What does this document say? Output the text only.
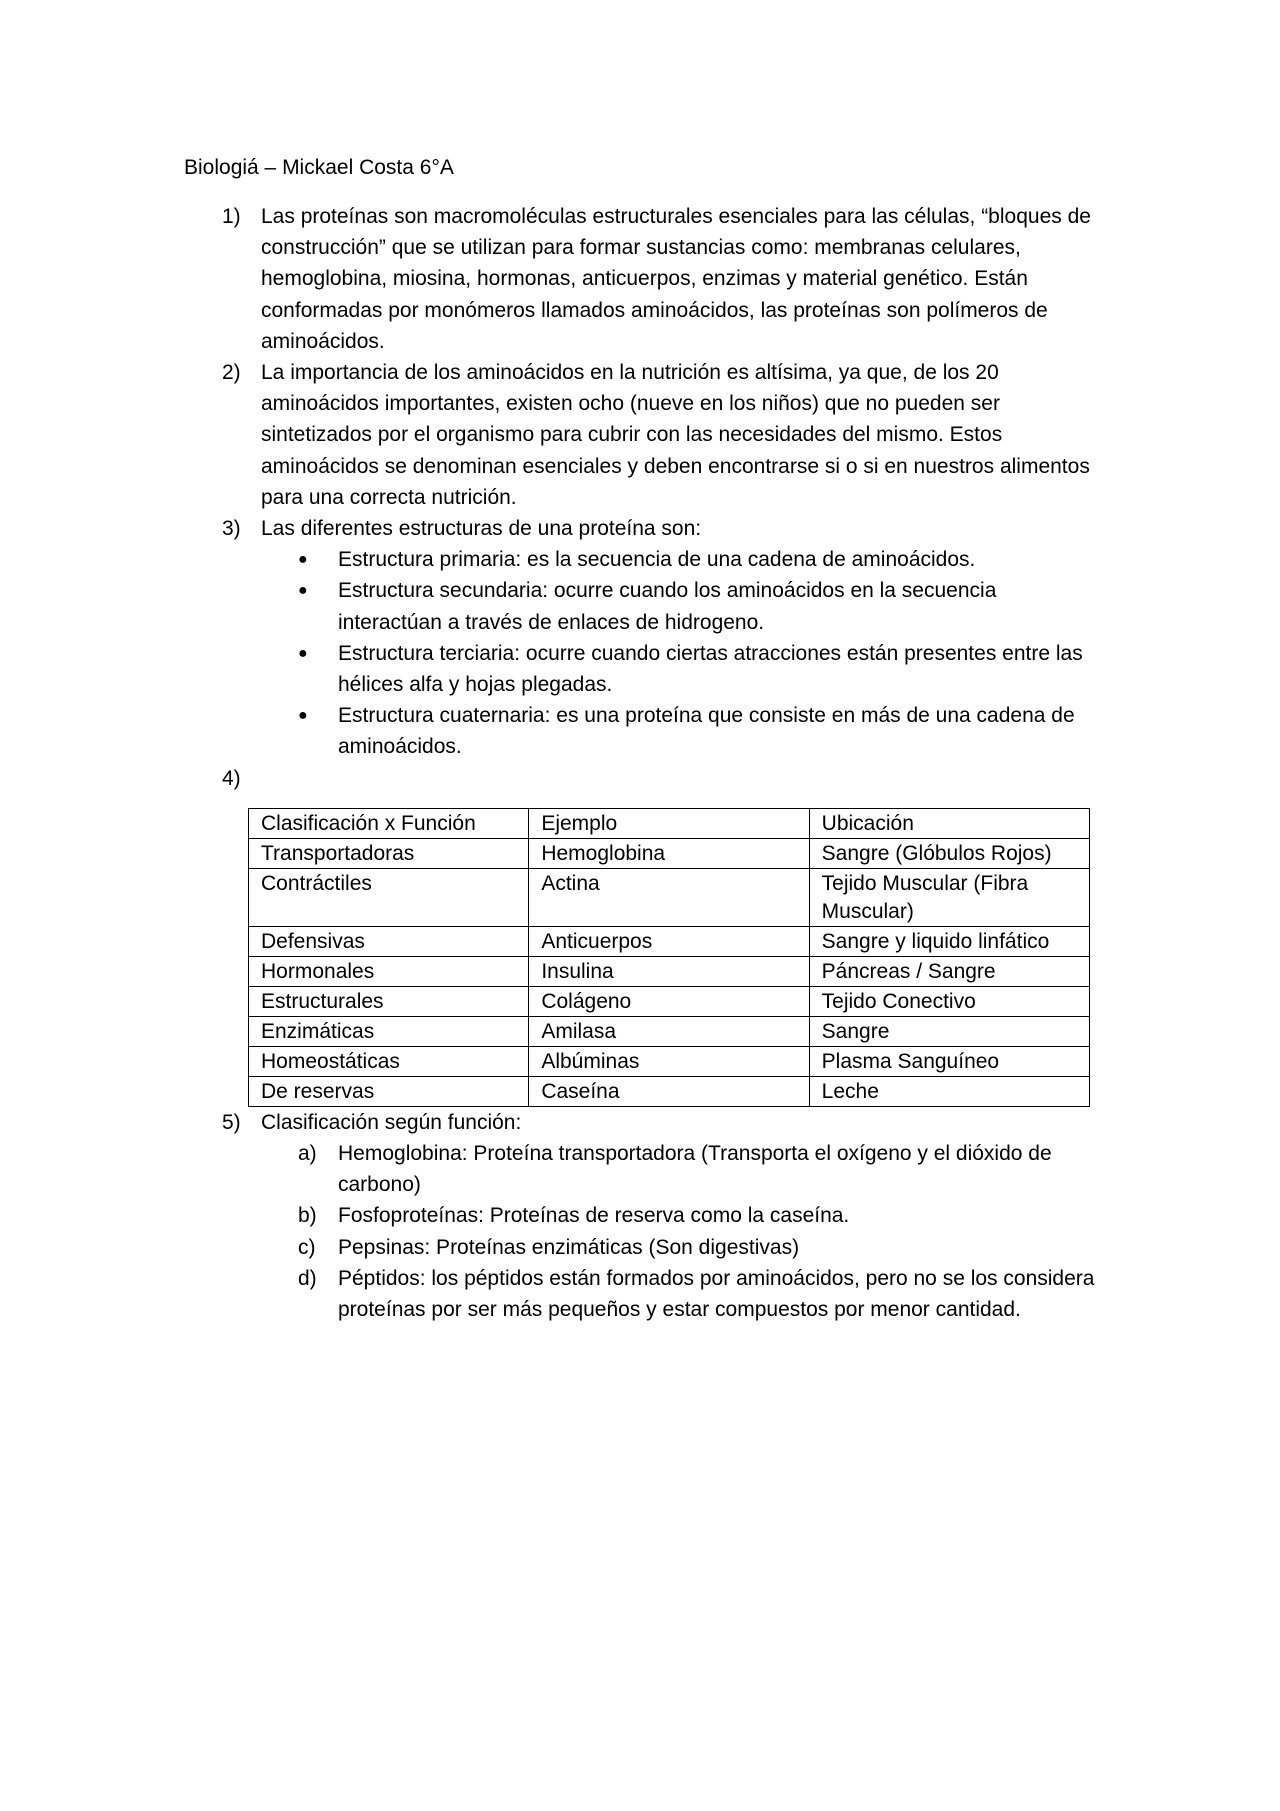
Biologiá – Mickael Costa 6°A
1) Las proteínas son macromoléculas estructurales esenciales para las células, “bloques de construcción” que se utilizan para formar sustancias como: membranas celulares, hemoglobina, miosina, hormonas, anticuerpos, enzimas y material genético. Están conformadas por monómeros llamados aminoácidos, las proteínas son polímeros de aminoácidos.
2) La importancia de los aminoácidos en la nutrición es altísima, ya que, de los 20 aminoácidos importantes, existen ocho (nueve en los niños) que no pueden ser sintetizados por el organismo para cubrir con las necesidades del mismo. Estos aminoácidos se denominan esenciales y deben encontrarse si o si en nuestros alimentos para una correcta nutrición.
3) Las diferentes estructuras de una proteína son:
● Estructura primaria: es la secuencia de una cadena de aminoácidos.
● Estructura secundaria: ocurre cuando los aminoácidos en la secuencia interactúan a través de enlaces de hidrogeno.
● Estructura terciaria: ocurre cuando ciertas atracciones están presentes entre las hélices alfa y hojas plegadas.
● Estructura cuaternaria: es una proteína que consiste en más de una cadena de aminoácidos.
4)

Clasificación x Función	Ejemplo	Ubicación
Transportadoras	Hemoglobina	Sangre (Glóbulos Rojos)
Contráctiles	Actina	Tejido Muscular (Fibra Muscular)
Defensivas	Anticuerpos	Sangre y liquido linfático
Hormonales	Insulina	Páncreas / Sangre
Estructurales	Colágeno	Tejido Conectivo
Enzimáticas	Amilasa	Sangre
Homeostáticas	Albúminas	Plasma Sanguíneo
De reservas	Caseína	Leche
5) Clasificación según función:
a) Hemoglobina: Proteína transportadora (Transporta el oxígeno y el dióxido de carbono)
b) Fosfoproteínas: Proteínas de reserva como la caseína.
c) Pepsinas: Proteínas enzimáticas (Son digestivas)
d) Péptidos: los péptidos están formados por aminoácidos, pero no se los considera proteínas por ser más pequeños y estar compuestos por menor cantidad.
